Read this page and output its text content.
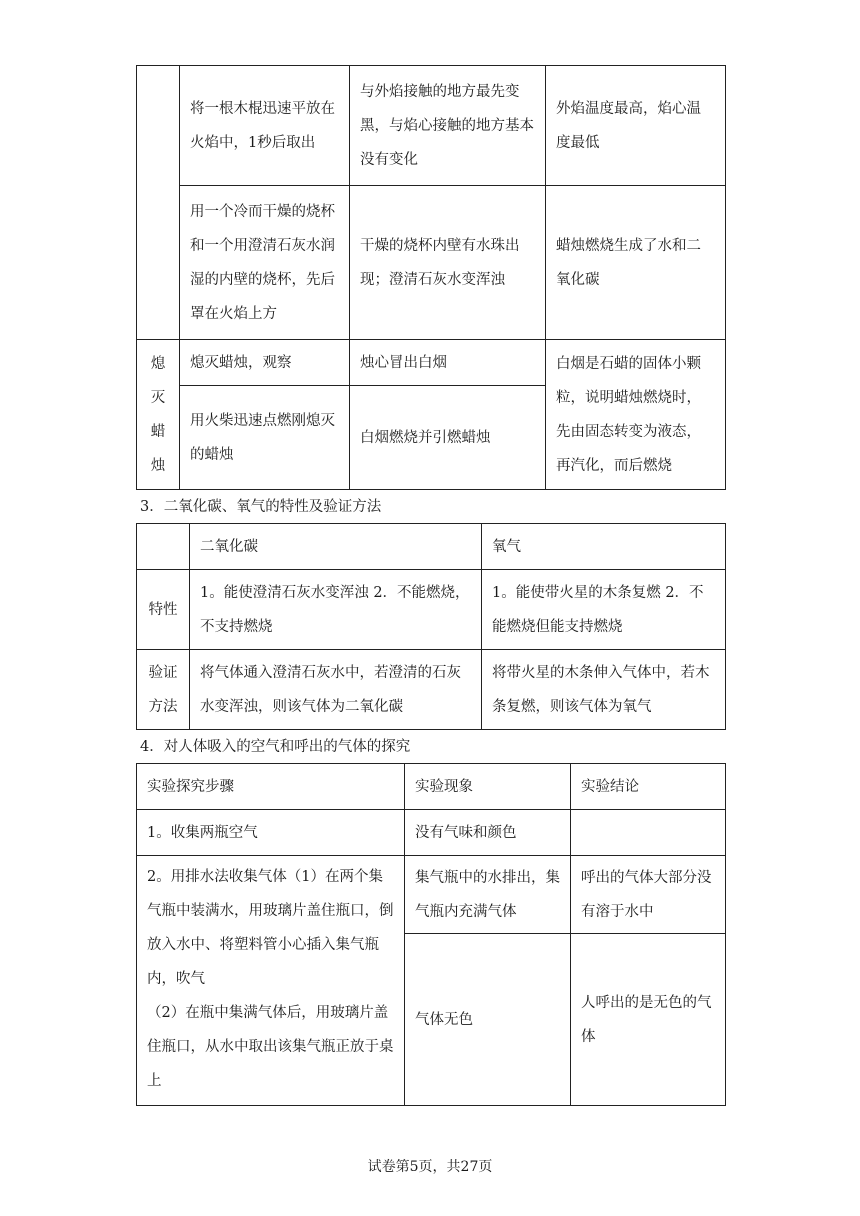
	将一根木棍迅速平放在火焰中，1秒后取出	与外焰接触的地方最先变黑，与焰心接触的地方基本没有变化	外焰温度最高，焰心温度最低
	用一个冷而干燥的烧杯和一个用澄清石灰水润湿的内壁的烧杯，先后罩在火焰上方	干燥的烧杯内壁有水珠出现；澄清石灰水变浑浊	蜡烛燃烧生成了水和二氧化碳

熄
灭
蜡
烛	熄灭蜡烛，观察	烛心冒出白烟	白烟是石蜡的固体小颗粒，说明蜡烛燃烧时，先由固态转变为液态，再汽化，而后燃烧
	用火柴迅速点燃刚熄灭的蜡烛	白烟燃烧并引燃蜡烛	
3．二氧化碳、氧气的特性及验证方法
	二氧化碳	氧气
特性	1。能使澄清石灰水变浑浊 2．不能燃烧，不支持燃烧	1。能使带火星的木条复燃 2．不能燃烧但能支持燃烧
验证方法	将气体通入澄清石灰水中，若澄清的石灰水变浑浊，则该气体为二氧化碳	将带火星的木条伸入气体中，若木条复燃，则该气体为氧气
4．对人体吸入的空气和呼出的气体的探究
实验探究步骤	实验现象	实验结论
1。收集两瓶空气	没有气味和颜色	

2。用排水法收集气体（1）在两个集气瓶中装满水，用玻璃片盖住瓶口，倒放入水中、将塑料管小心插入集气瓶内，吹气
（2）在瓶中集满气体后，用玻璃片盖住瓶口，从水中取出该集气瓶正放于桌上	集气瓶中的水排出，集气瓶内充满气体	呼出的气体大部分没有溶于水中
	气体无色	人呼出的是无色的气体
试卷第5页，共27页
